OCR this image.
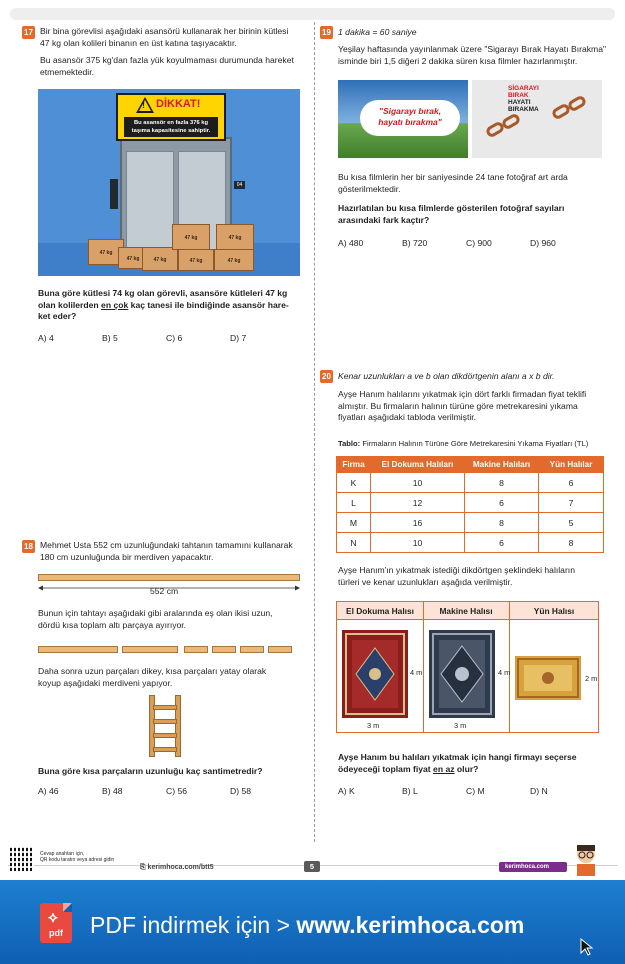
17 Bir bina görevlisi aşağıdaki asansörü kullanarak her birinin kütlesi
47 kg olan kolileri binanın en üst katına taşıyacaktır.
Bu asansör 375 kg'dan fazla yük koyulmaması durumunda hareket
etmemektedir.
04
! DİKKAT!
Bu asansör en fazla 376 kg
taşıma kapasitesine sahiptir.
47 kg
47 kg	47 kg
47 kg
47 kg
47 kg
47 kg
Buna göre kütlesi 74 kg olan görevli, asansöre kütleleri 47 kg
olan kolilerden en çok kaç tanesi ile bindiğinde asansör hare-
ket eder?
A) 4	B) 5	C) 6	D) 7
18 Mehmet Usta 552 cm uzunluğundaki tahtanın tamamını kullanarak
180 cm uzunluğunda bir merdiven yapacaktır.
552 cm
Bunun için tahtayı aşağıdaki gibi aralarında eş olan ikisi uzun,
dördü kısa toplam altı parçaya ayırıyor.
Daha sonra uzun parçaları dikey, kısa parçaları yatay olarak
koyup aşağıdaki merdiveni yapıyor.
Buna göre kısa parçaların uzunluğu kaç santimetredir?
A) 46	B) 48	C) 56	D) 58
19 1 dakika = 60 saniye
Yeşilay haftasında yayınlanmak üzere "Sigarayı Bırak Hayatı Bırakma"
isminde biri 1,5 diğeri 2 dakika süren kısa filmler hazırlanmıştır.
"Sigarayı bırak,
hayatı bırakma"
SİGARAYI
BIRAK
HAYATI
BIRAKMA
Bu kısa filmlerin her bir saniyesinde 24 tane fotoğraf art arda
gösterilmektedir.
Hazırlatılan bu kısa filmlerde gösterilen fotoğraf sayıları
arasındaki fark kaçtır?
A) 480	B) 720	C) 900	D) 960
20 Kenar uzunlukları a ve b olan dikdörtgenin alanı a x b dir.
Ayşe Hanım halılarını yıkatmak için dört farklı firmadan fiyat teklifi
almıştır. Bu firmaların halının türüne göre metrekaresini yıkama
fiyatları aşağıdaki tabloda verilmiştir.
Tablo: Firmaların Halının Türüne Göre Metrekaresini Yıkama Fiyatları (TL)
Firma	El Dokuma Halıları	Makine Halıları	Yün Halılar
K	10	8	6
L	12	6	7
M	16	8	5
N	10	6	8
Ayşe Hanım'ın yıkatmak istediği dikdörtgen şeklindeki halıların
türleri ve kenar uzunlukları aşağıda verilmiştir.
El Dokuma Halısı	Makine Halısı	Yün Halısı
4 m
3 m
4 m
3 m
2 m
Ayşe Hanım bu halıları yıkatmak için hangi firmayı seçerse
ödeyeceği toplam fiyat en az olur?
A) K	B) L	C) M	D) N
Cevap anahtarı için,
QR kodu taratın veya adresi gidin
⎘ kerimhoca.com/btt5	5	kerimhoca.com
⟡
pdf	PDF indirmek için > www.kerimhoca.com
